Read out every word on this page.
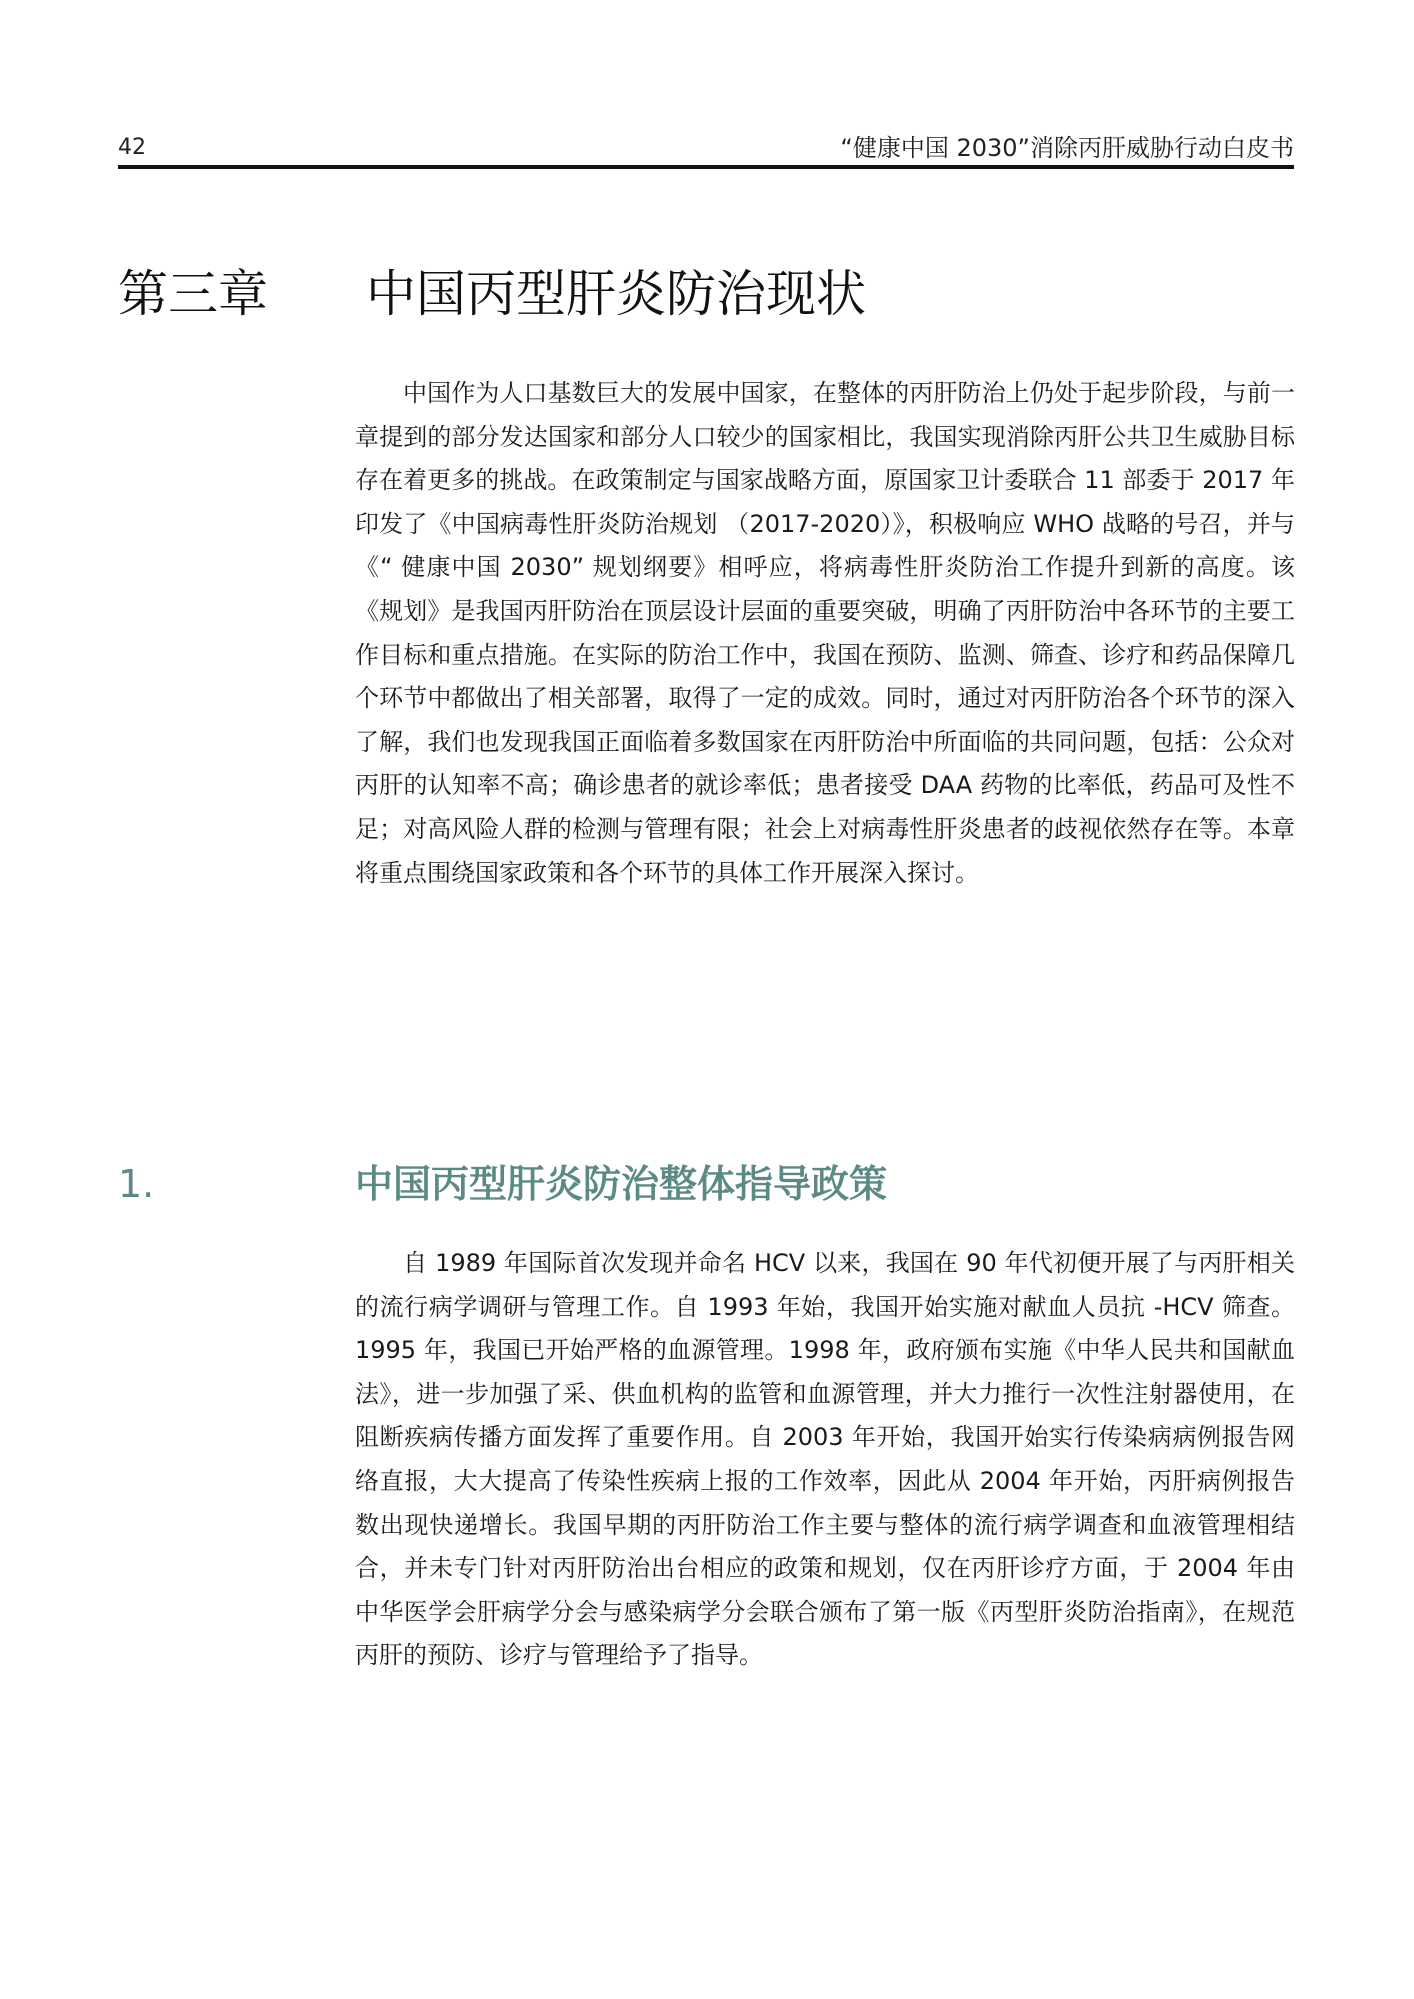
42	“健康中国 2030”消除丙肝威胁行动白皮书
第三章 中国丙型肝炎防治现状

中国作为人口基数巨大的发展中国家，在整体的丙肝防治上仍处于起步阶段，与前一章提到的部分发达国家和部分人口较少的国家相比，我国实现消除丙肝公共卫生威胁目标存在着更多的挑战。在政策制定与国家战略方面，原国家卫计委联合 11 部委于 2017 年印发了《中国病毒性肝炎防治规划 （2017-2020）》，积极响应 WHO 战略的号召，并与《“ 健康中国 2030” 规划纲要》相呼应，将病毒性肝炎防治工作提升到新的高度。该《规划》是我国丙肝防治在顶层设计层面的重要突破，明确了丙肝防治中各环节的主要工作目标和重点措施。在实际的防治工作中，我国在预防、监测、筛查、诊疗和药品保障几个环节中都做出了相关部署，取得了一定的成效。同时，通过对丙肝防治各个环节的深入了解，我们也发现我国正面临着多数国家在丙肝防治中所面临的共同问题，包括：公众对丙肝的认知率不高；确诊患者的就诊率低；患者接受 DAA 药物的比率低，药品可及性不足；对高风险人群的检测与管理有限；社会上对病毒性肝炎患者的歧视依然存在等。本章将重点围绕国家政策和各个环节的具体工作开展深入探讨。

1.	中国丙型肝炎防治整体指导政策

自 1989 年国际首次发现并命名 HCV 以来，我国在 90 年代初便开展了与丙肝相关的流行病学调研与管理工作。自 1993 年始，我国开始实施对献血人员抗 -HCV 筛查。1995 年，我国已开始严格的血源管理。1998 年，政府颁布实施《中华人民共和国献血法》，进一步加强了采、供血机构的监管和血源管理，并大力推行一次性注射器使用，在阻断疾病传播方面发挥了重要作用。自 2003 年开始，我国开始实行传染病病例报告网络直报，大大提高了传染性疾病上报的工作效率，因此从 2004 年开始，丙肝病例报告数出现快递增长。我国早期的丙肝防治工作主要与整体的流行病学调查和血液管理相结合，并未专门针对丙肝防治出台相应的政策和规划，仅在丙肝诊疗方面，于 2004 年由中华医学会肝病学分会与感染病学分会联合颁布了第一版《丙型肝炎防治指南》，在规范丙肝的预防、诊疗与管理给予了指导。
